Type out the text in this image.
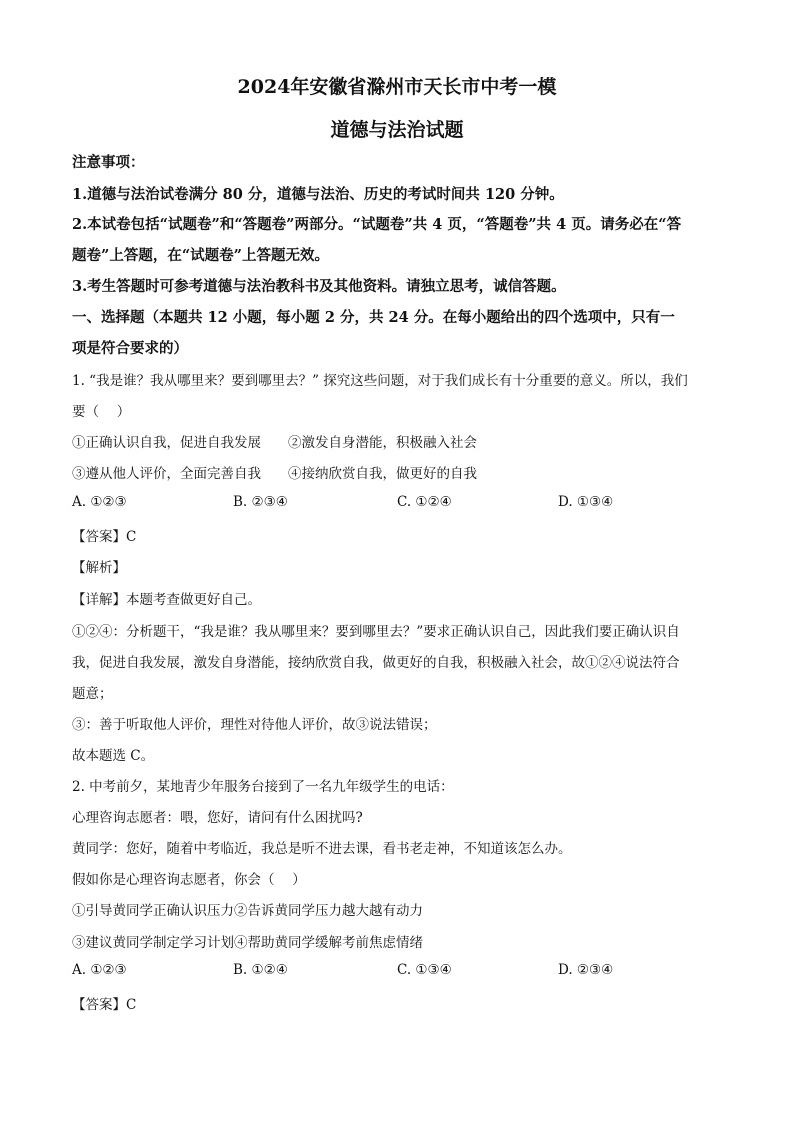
2024年安徽省滁州市天长市中考一模
道德与法治试题
注意事项：
1.道德与法治试卷满分 80 分，道德与法治、历史的考试时间共 120 分钟。
2.本试卷包括“试题卷”和“答题卷”两部分。“试题卷”共 4 页，“答题卷”共 4 页。请务必在“答
题卷”上答题，在“试题卷”上答题无效。
3.考生答题时可参考道德与法治教科书及其他资料。请独立思考，诚信答题。
一、选择题（本题共 12 小题，每小题 2 分，共 24 分。在每小题给出的四个选项中，只有一
项是符合要求的）
1. “我是谁？我从哪里来？要到哪里去？” 探究这些问题，对于我们成长有十分重要的意义。所以，我们
要（　 ）
①正确认识自我，促进自我发展　　②激发自身潜能，积极融入社会
③遵从他人评价，全面完善自我　　④接纳欣赏自我，做更好的自我
A. ①②③	B. ②③④	C. ①②④	D. ①③④
【答案】C
【解析】
【详解】本题考查做更好自己。
①②④：分析题干，“我是谁？我从哪里来？要到哪里去？”要求正确认识自己，因此我们要正确认识自
我，促进自我发展，激发自身潜能，接纳欣赏自我，做更好的自我，积极融入社会，故①②④说法符合
题意；
③：善于听取他人评价，理性对待他人评价，故③说法错误；
故本题选 C。
2. 中考前夕，某地青少年服务台接到了一名九年级学生的电话：
心理咨询志愿者：喂，您好，请问有什么困扰吗?
黄同学：您好，随着中考临近，我总是听不进去课，看书老走神，不知道该怎么办。
假如你是心理咨询志愿者，你会（　 ）
①引导黄同学正确认识压力②告诉黄同学压力越大越有动力
③建议黄同学制定学习计划④帮助黄同学缓解考前焦虑情绪
A. ①②③	B. ①②④	C. ①③④	D. ②③④
【答案】C
